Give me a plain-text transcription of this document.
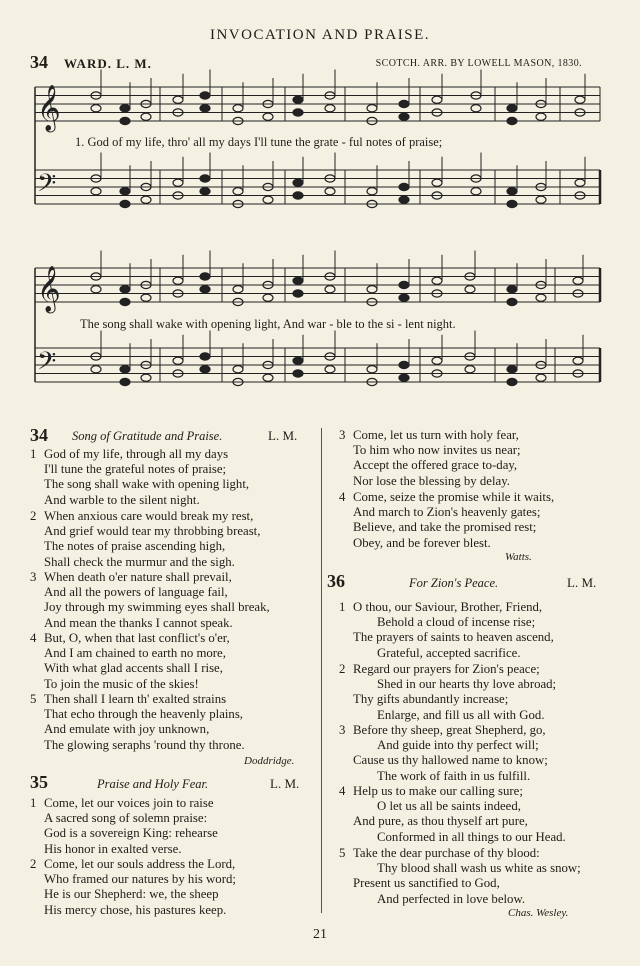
INVOCATION AND PRAISE.
34 WARD. L. M.	SCOTCH. ARR. BY LOWELL MASON, 1830.
𝄞
𝄢
𝄞
𝄢
1. God of my life, thro' all my days I'll tune the grate - ful notes of praise;
The song shall wake with opening light, And war - ble to the si - lent night.
34 Song of Gratitude and Praise.	L. M.
1 God of my life, through all my days
I'll tune the grateful notes of praise;
The song shall wake with opening light,
And warble to the silent night.
2 When anxious care would break my rest,
And grief would tear my throbbing breast,
The notes of praise ascending high,
Shall check the murmur and the sigh.
3 When death o'er nature shall prevail,
And all the powers of language fail,
Joy through my swimming eyes shall break,
And mean the thanks I cannot speak.
4 But, O, when that last conflict's o'er,
And I am chained to earth no more,
With what glad accents shall I rise,
To join the music of the skies!
5 Then shall I learn th' exalted strains
That echo through the heavenly plains,
And emulate with joy unknown,
The glowing seraphs 'round thy throne.
Doddridge.
35	Praise and Holy Fear.	L. M.
1 Come, let our voices join to raise
A sacred song of solemn praise:
God is a sovereign King: rehearse
His honor in exalted verse.
2 Come, let our souls address the Lord,
Who framed our natures by his word;
He is our Shepherd: we, the sheep
His mercy chose, his pastures keep.
3 Come, let us turn with holy fear,
To him who now invites us near;
Accept the offered grace to-day,
Nor lose the blessing by delay.
4 Come, seize the promise while it waits,
And march to Zion's heavenly gates;
Believe, and take the promised rest;
Obey, and be forever blest.
Watts.
36	For Zion's Peace.	L. M.
1 O thou, our Saviour, Brother, Friend,
Behold a cloud of incense rise;
The prayers of saints to heaven ascend,
Grateful, accepted sacrifice.
2 Regard our prayers for Zion's peace;
Shed in our hearts thy love abroad;
Thy gifts abundantly increase;
Enlarge, and fill us all with God.
3 Before thy sheep, great Shepherd, go,
And guide into thy perfect will;
Cause us thy hallowed name to know;
The work of faith in us fulfill.
4 Help us to make our calling sure;
O let us all be saints indeed,
And pure, as thou thyself art pure,
Conformed in all things to our Head.
5 Take the dear purchase of thy blood:
Thy blood shall wash us white as snow;
Present us sanctified to God,
And perfected in love below.
Chas. Wesley.
21
